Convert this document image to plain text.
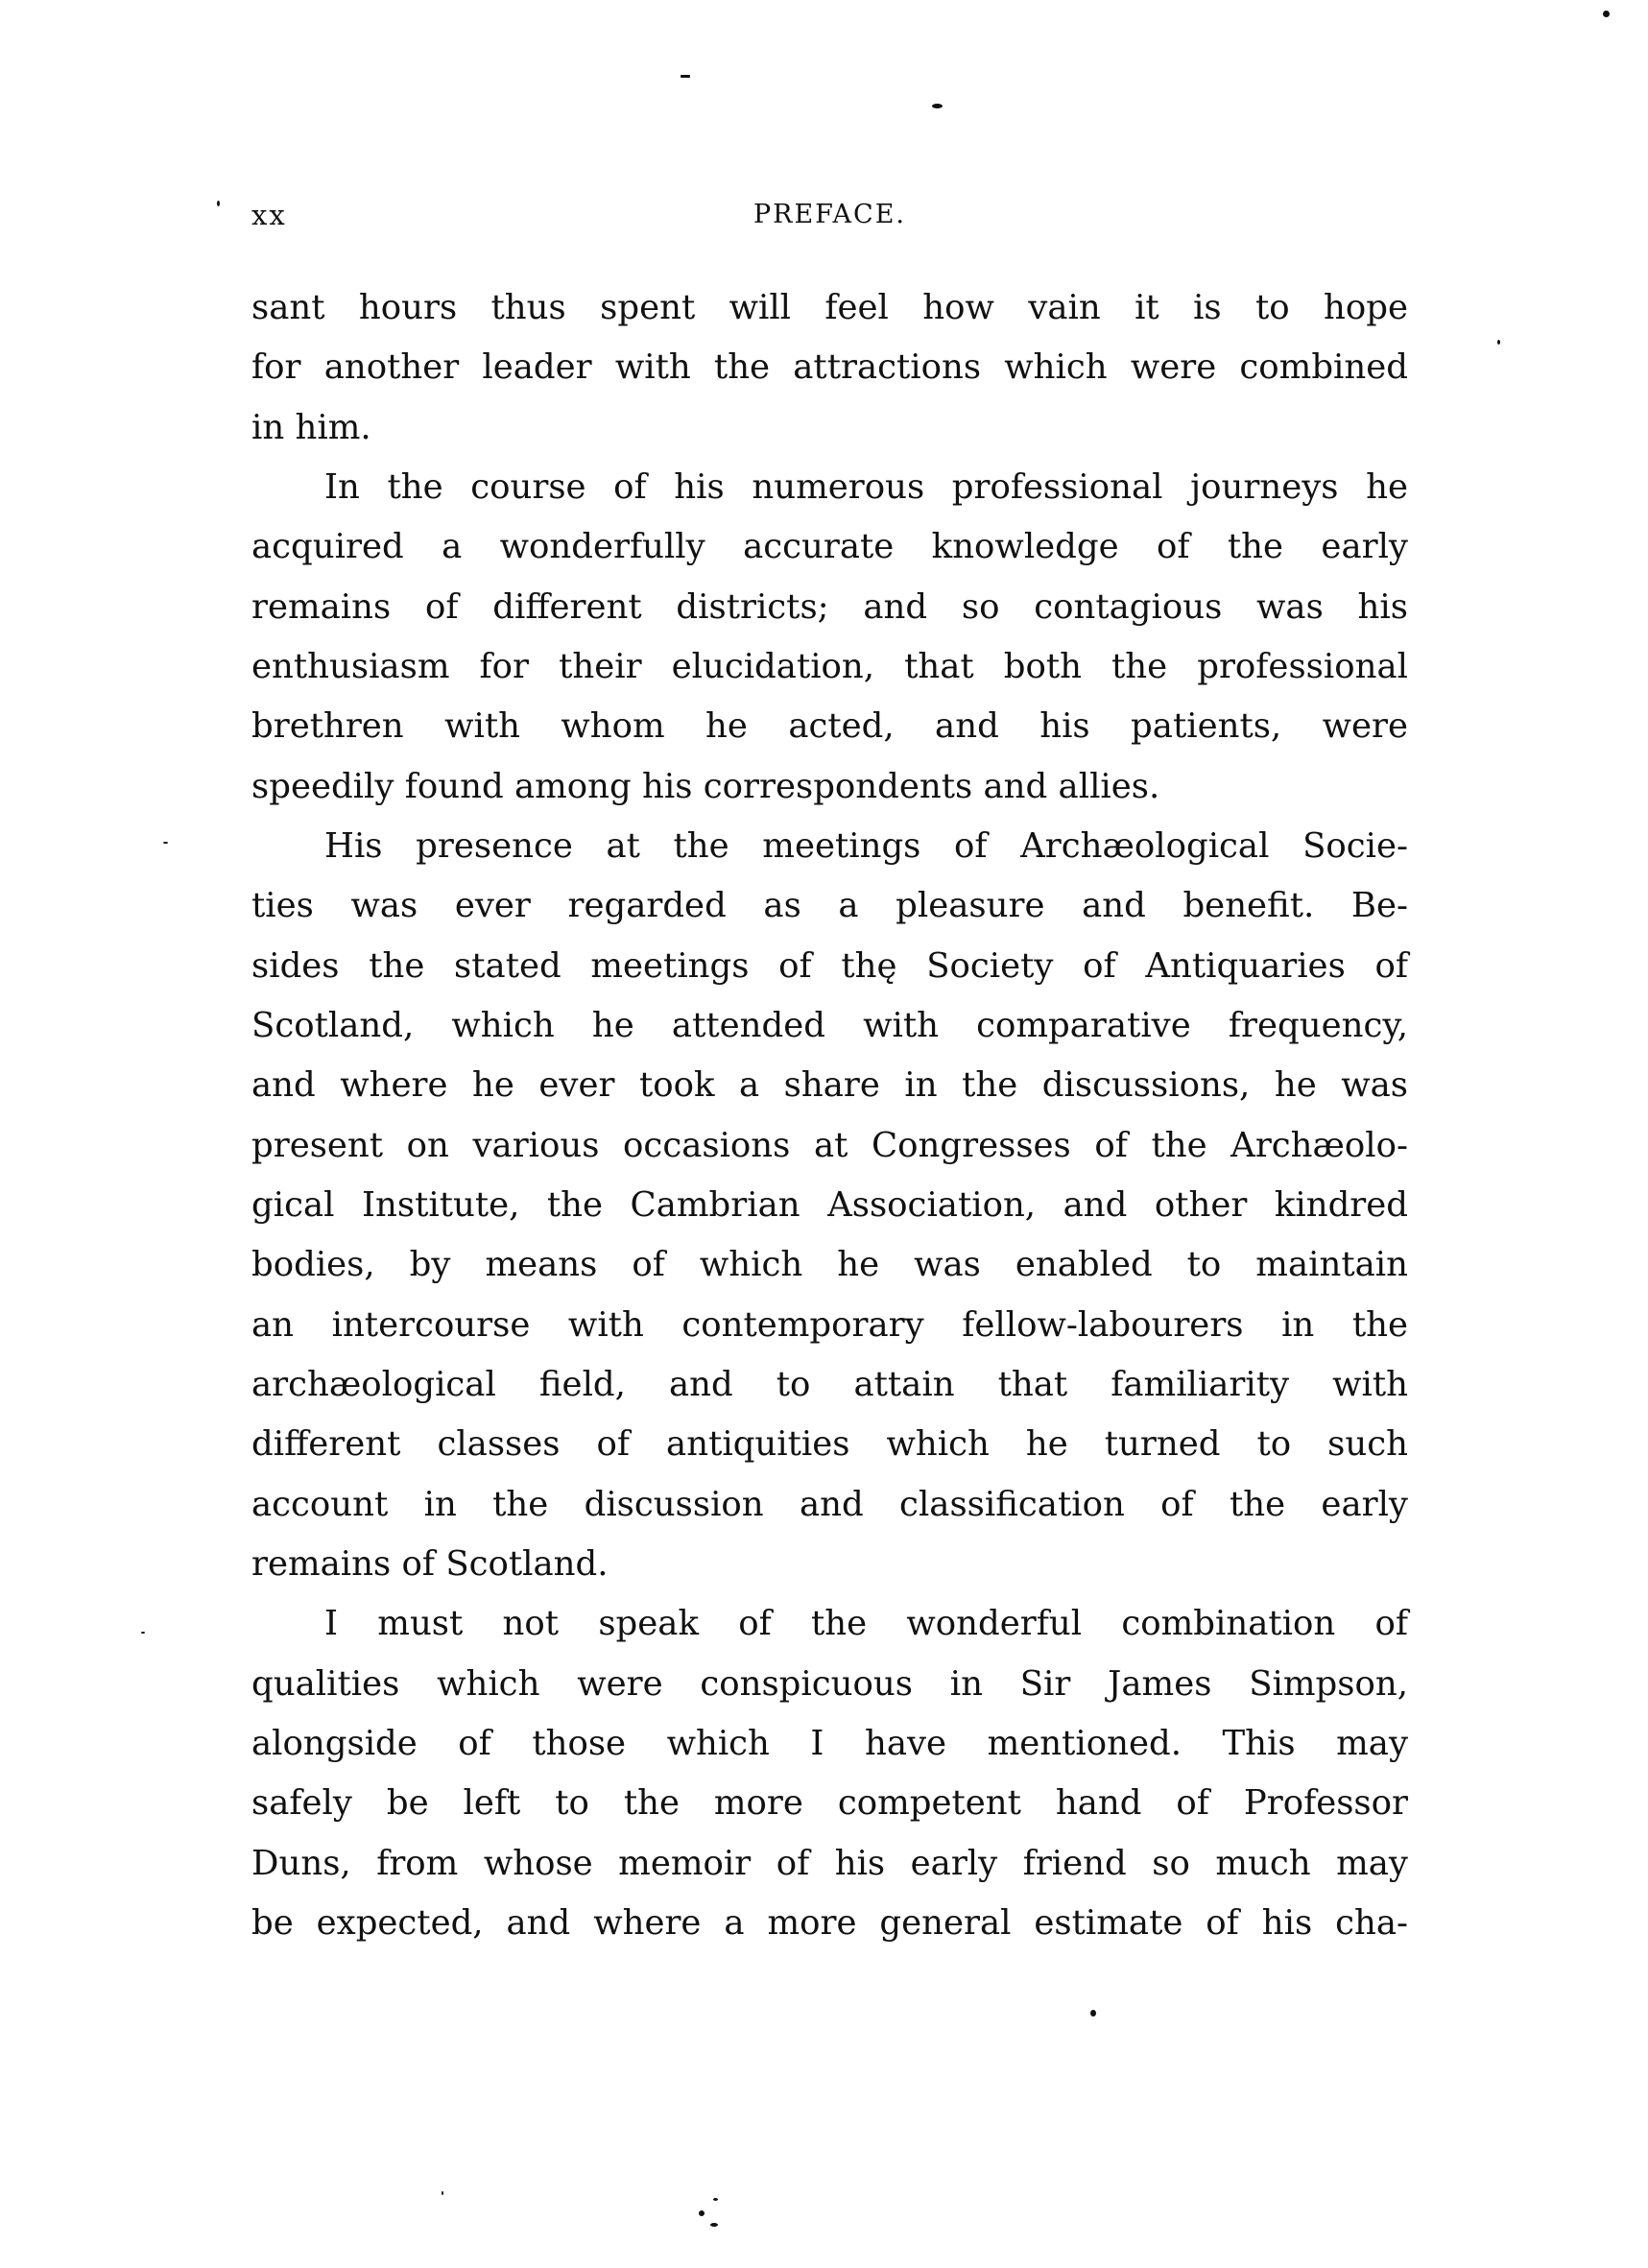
xx	PREFACE.
sant hours thus spent will feel how vain it is to hope
for another leader with the attractions which were combined
in him.
In the course of his numerous professional journeys he
acquired a wonderfully accurate knowledge of the early
remains of different districts; and so contagious was his
enthusiasm for their elucidation, that both the professional
brethren with whom he acted, and his patients, were
speedily found among his correspondents and allies.
His presence at the meetings of Archæological Socie-
ties was ever regarded as a pleasure and benefit. Be-
sides the stated meetings of thę Society of Antiquaries of
Scotland, which he attended with comparative frequency,
and where he ever took a share in the discussions, he was
present on various occasions at Congresses of the Archæolo-
gical Institute, the Cambrian Association, and other kindred
bodies, by means of which he was enabled to maintain
an intercourse with contemporary fellow-labourers in the
archæological field, and to attain that familiarity with
different classes of antiquities which he turned to such
account in the discussion and classification of the early
remains of Scotland.
I must not speak of the wonderful combination of
qualities which were conspicuous in Sir James Simpson,
alongside of those which I have mentioned. This may
safely be left to the more competent hand of Professor
Duns, from whose memoir of his early friend so much may
be expected, and where a more general estimate of his cha-
